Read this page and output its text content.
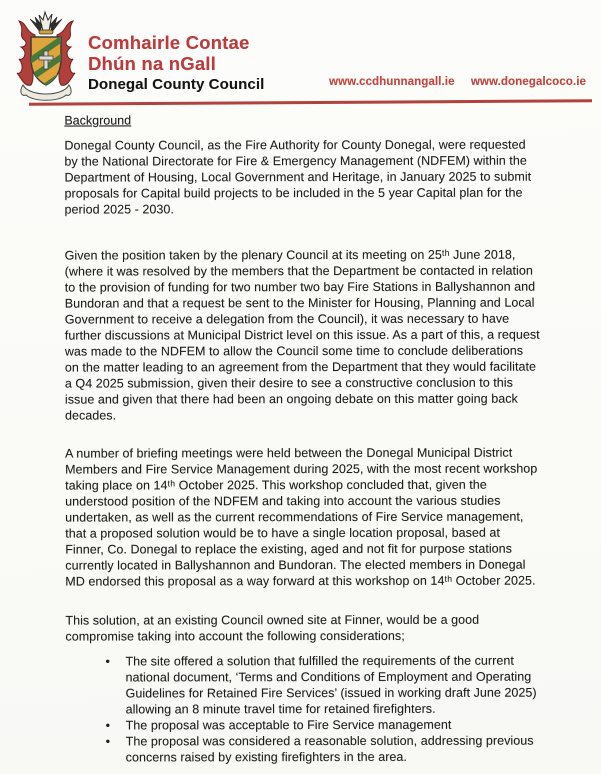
Comhairle Contae
Dhún na nGall
Donegal County Council	www.ccdhunnangall.ie www.donegalcoco.ie
Background

Donegal County Council, as the Fire Authority for County Donegal, were requested
by the National Directorate for Fire & Emergency Management (NDFEM) within the
Department of Housing, Local Government and Heritage, in January 2025 to submit
proposals for Capital build projects to be included in the 5 year Capital plan for the
period 2025 - 2030.

Given the position taken by the plenary Council at its meeting on 25ᵗʰ June 2018,
(where it was resolved by the members that the Department be contacted in relation
to the provision of funding for two number two bay Fire Stations in Ballyshannon and
Bundoran and that a request be sent to the Minister for Housing, Planning and Local
Government to receive a delegation from the Council), it was necessary to have
further discussions at Municipal District level on this issue. As a part of this, a request
was made to the NDFEM to allow the Council some time to conclude deliberations
on the matter leading to an agreement from the Department that they would facilitate
a Q4 2025 submission, given their desire to see a constructive conclusion to this
issue and given that there had been an ongoing debate on this matter going back
decades.

A number of briefing meetings were held between the Donegal Municipal District
Members and Fire Service Management during 2025, with the most recent workshop
taking place on 14ᵗʰ October 2025. This workshop concluded that, given the
understood position of the NDFEM and taking into account the various studies
undertaken, as well as the current recommendations of Fire Service management,
that a proposed solution would be to have a single location proposal, based at
Finner, Co. Donegal to replace the existing, aged and not fit for purpose stations
currently located in Ballyshannon and Bundoran. The elected members in Donegal
MD endorsed this proposal as a way forward at this workshop on 14ᵗʰ October 2025.

This solution, at an existing Council owned site at Finner, would be a good
compromise taking into account the following considerations;

•	The site offered a solution that fulfilled the requirements of the current
national document, ‘Terms and Conditions of Employment and Operating
Guidelines for Retained Fire Services’ (issued in working draft June 2025)
allowing an 8 minute travel time for retained firefighters.
•	The proposal was acceptable to Fire Service management
•	The proposal was considered a reasonable solution, addressing previous
concerns raised by existing firefighters in the area.
